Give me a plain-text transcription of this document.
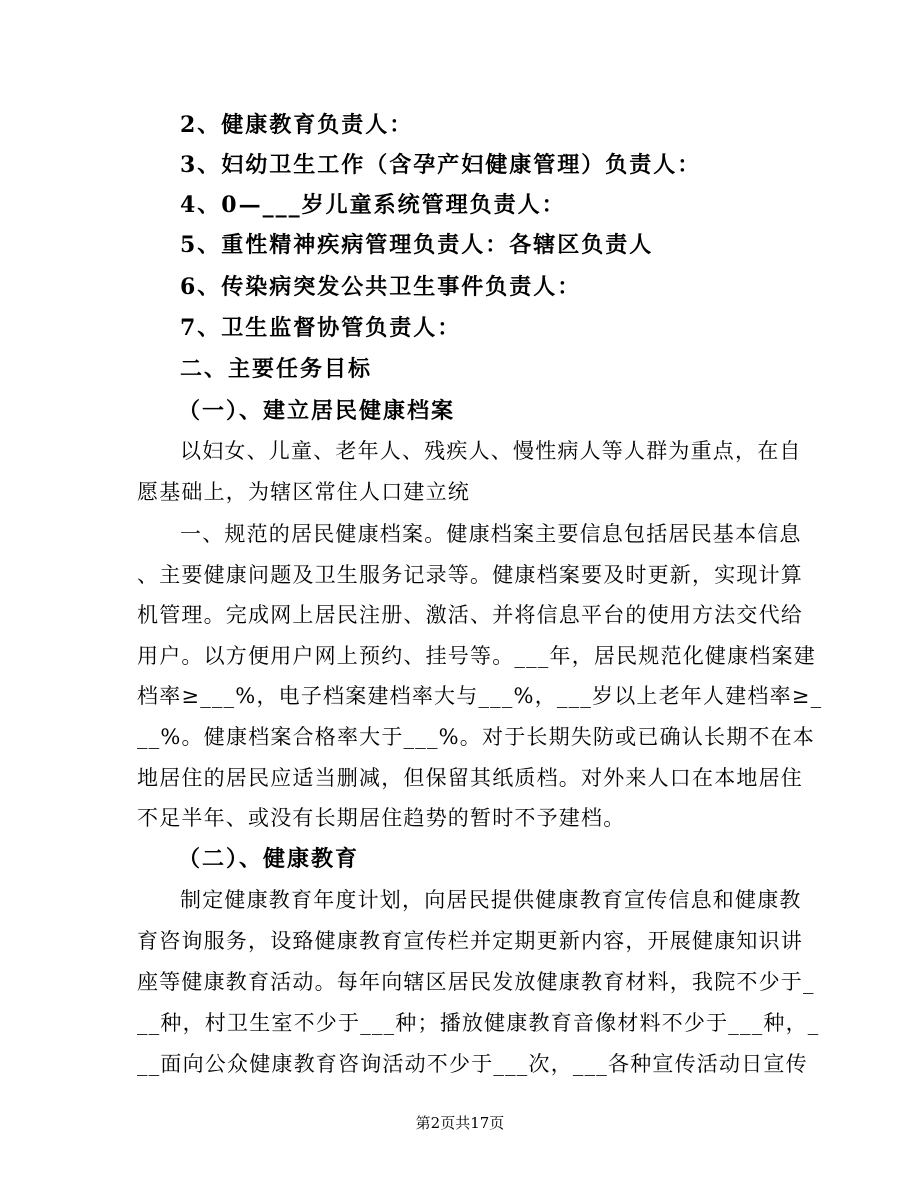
2、健康教育负责人：
3、妇幼卫生工作（含孕产妇健康管理）负责人：
4、0—___岁儿童系统管理负责人：
5、重性精神疾病管理负责人：各辖区负责人
6、传染病突发公共卫生事件负责人：
7、卫生监督协管负责人：
二、主要任务目标
（一）、建立居民健康档案
以妇女、儿童、老年人、残疾人、慢性病人等人群为重点，在自
愿基础上，为辖区常住人口建立统
一、规范的居民健康档案。健康档案主要信息包括居民基本信息
、主要健康问题及卫生服务记录等。健康档案要及时更新，实现计算
机管理。完成网上居民注册、激活、并将信息平台的使用方法交代给
用户。以方便用户网上预约、挂号等。___年，居民规范化健康档案建
档率≥___%，电子档案建档率大与___%，___岁以上老年人建档率≥_
__%。健康档案合格率大于___%。对于长期失防或已确认长期不在本
地居住的居民应适当删减，但保留其纸质档。对外来人口在本地居住
不足半年、或没有长期居住趋势的暂时不予建档。
（二）、健康教育
制定健康教育年度计划，向居民提供健康教育宣传信息和健康教
育咨询服务，设臵健康教育宣传栏并定期更新内容，开展健康知识讲
座等健康教育活动。每年向辖区居民发放健康教育材料，我院不少于_
__种，村卫生室不少于___种；播放健康教育音像材料不少于___种，_
__面向公众健康教育咨询活动不少于___次，___各种宣传活动日宣传
第2页共17页
